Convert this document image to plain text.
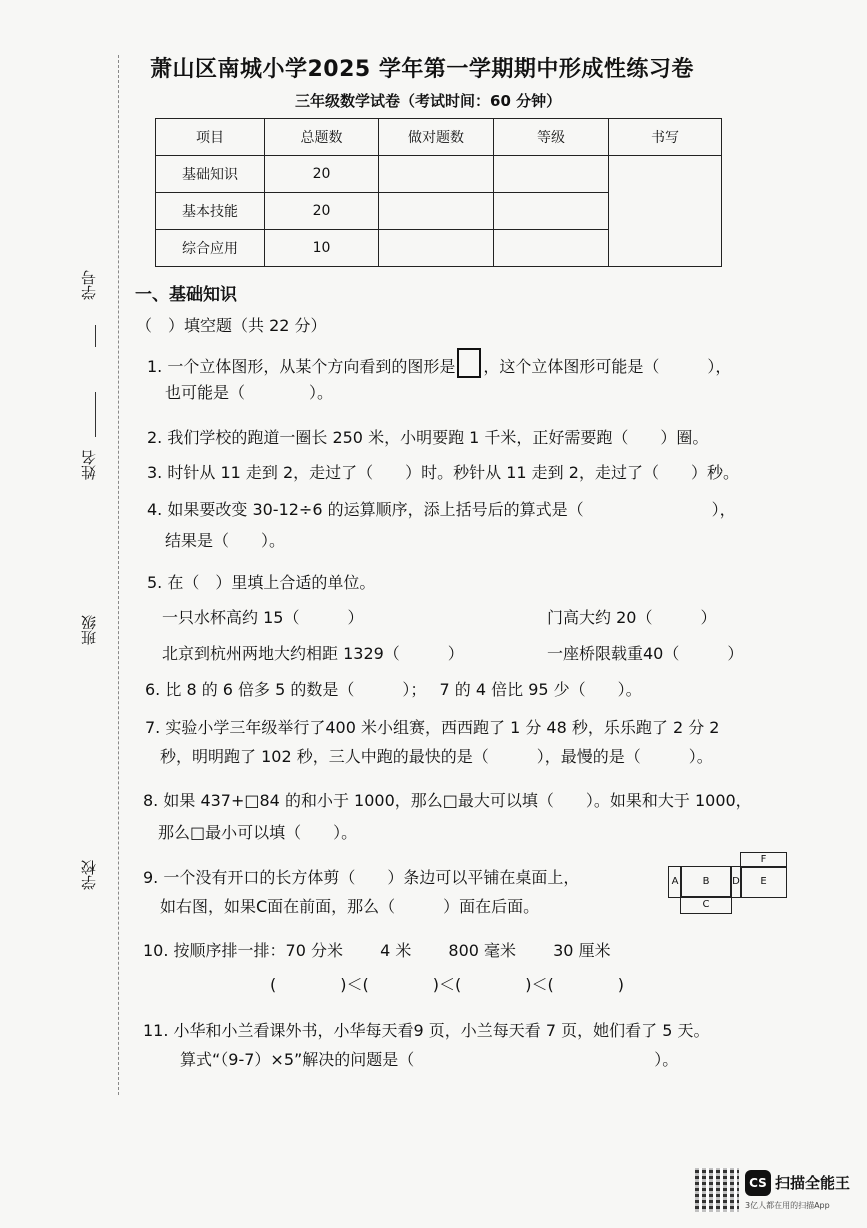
学号
姓名
班级
学校
萧山区南城小学2025 学年第一学期期中形成性练习卷
三年级数学试卷（考试时间：60 分钟）
项目	总题数	做对题数	等级	书写
基础知识	20			
基本技能	20			
综合应用	10			
一、基础知识
（　）填空题（共 22 分）
1. 一个立体图形，从某个方向看到的图形是 ，这个立体图形可能是（　　　），
也可能是（　　　　）。
2. 我们学校的跑道一圈长 250 米，小明要跑 1 千米，正好需要跑（　　）圈。
3. 时针从 11 走到 2，走过了（　　）时。秒针从 11 走到 2，走过了（　　）秒。
4. 如果要改变 30-12÷6 的运算顺序，添上括号后的算式是（　　　　　　　　），
结果是（　　）。
5. 在（　）里填上合适的单位。
一只水杯高约 15（　　　）	门高大约 20（　　　）
北京到杭州两地大约相距 1329（　　　）	一座桥限载重40（　　　）
6. 比 8 的 6 倍多 5 的数是（　　　）；　 7 的 4 倍比 95 少（　　）。
7. 实验小学三年级举行了400 米小组赛，西西跑了 1 分 48 秒，乐乐跑了 2 分 2
秒，明明跑了 102 秒，三人中跑的最快的是（　　　），最慢的是（　　　）。
8. 如果 437+□84 的和小于 1000，那么□最大可以填（　　）。如果和大于 1000，
那么□最小可以填（　　）。
9. 一个没有开口的长方体剪（　　）条边可以平铺在桌面上，
如右图，如果C面在前面，那么（　　　）面在后面。
A	B
C
D	E
F
10. 按顺序排一排：70 分米　　 4 米　　 800 毫米　　 30 厘米
(　　　　)＜(　　　　)＜(　　　　)＜(　　　　)
11. 小华和小兰看课外书，小华每天看9 页，小兰每天看 7 页，她们看了 5 天。
算式“（9-7）×5”解决的问题是（　　　　　　　　　　　　　　　）。
CS 扫描全能王
3亿人都在用的扫描App
